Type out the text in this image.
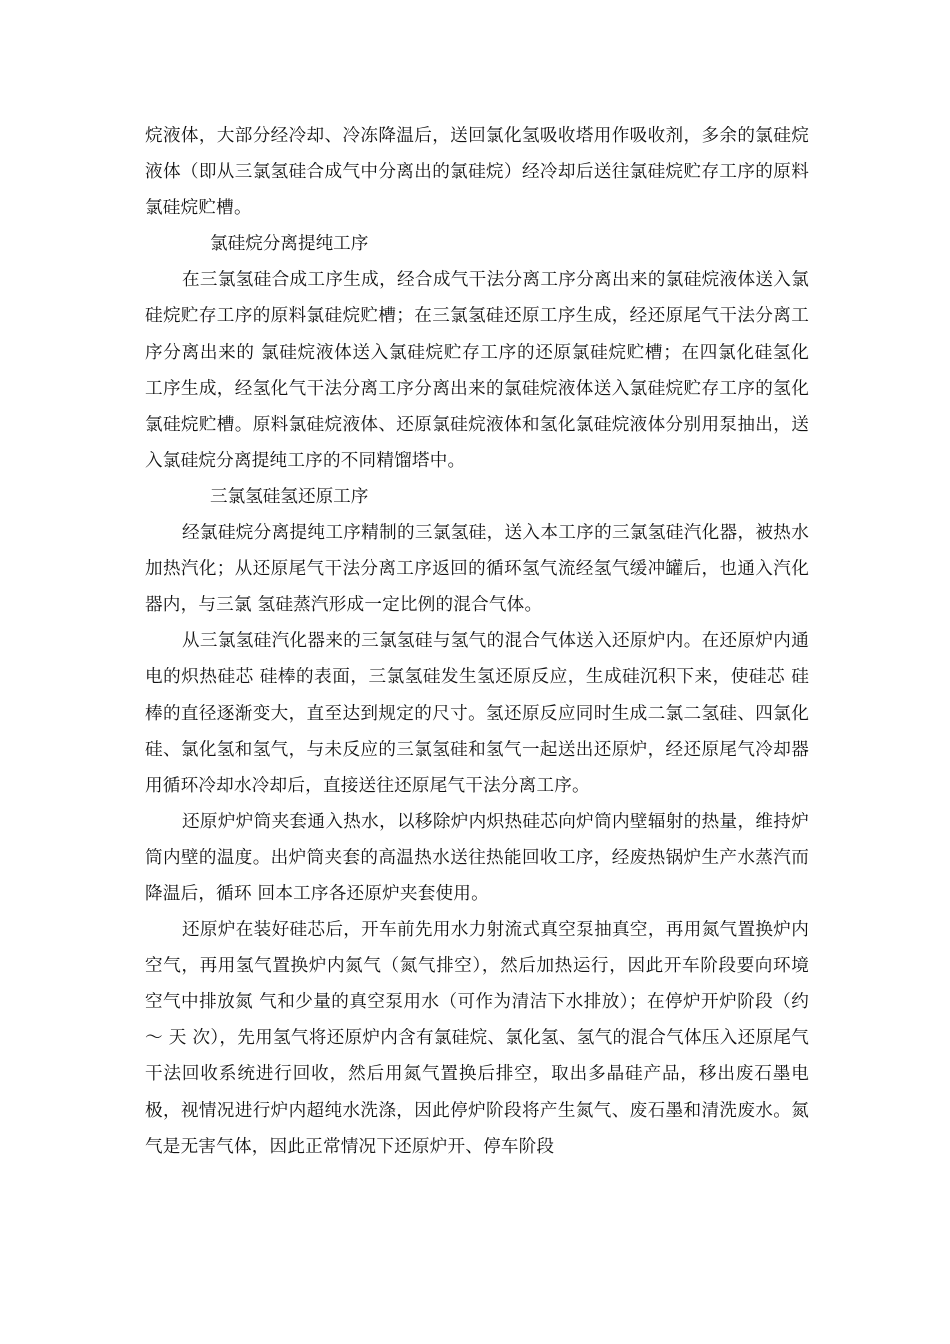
烷液体，大部分经冷却、冷冻降温后，送回氯化氢吸收塔用作吸收剂，多余的氯硅烷液体（即从三氯氢硅合成气中分离出的氯硅烷）经冷却后送往氯硅烷贮存工序的原料氯硅烷贮槽。

氯硅烷分离提纯工序

在三氯氢硅合成工序生成，经合成气干法分离工序分离出来的氯硅烷液体送入氯硅烷贮存工序的原料氯硅烷贮槽；在三氯氢硅还原工序生成，经还原尾气干法分离工序分离出来的 氯硅烷液体送入氯硅烷贮存工序的还原氯硅烷贮槽；在四氯化硅氢化工序生成，经氢化气干法分离工序分离出来的氯硅烷液体送入氯硅烷贮存工序的氢化氯硅烷贮槽。原料氯硅烷液体、还原氯硅烷液体和氢化氯硅烷液体分别用泵抽出，送入氯硅烷分离提纯工序的不同精馏塔中。

三氯氢硅氢还原工序

经氯硅烷分离提纯工序精制的三氯氢硅，送入本工序的三氯氢硅汽化器，被热水加热汽化；从还原尾气干法分离工序返回的循环氢气流经氢气缓冲罐后，也通入汽化器内，与三氯 氢硅蒸汽形成一定比例的混合气体。

从三氯氢硅汽化器来的三氯氢硅与氢气的混合气体送入还原炉内。在还原炉内通电的炽热硅芯 硅棒的表面，三氯氢硅发生氢还原反应，生成硅沉积下来，使硅芯 硅棒的直径逐渐变大，直至达到规定的尺寸。氢还原反应同时生成二氯二氢硅、四氯化硅、氯化氢和氢气，与未反应的三氯氢硅和氢气一起送出还原炉，经还原尾气冷却器用循环冷却水冷却后，直接送往还原尾气干法分离工序。

还原炉炉筒夹套通入热水，以移除炉内炽热硅芯向炉筒内壁辐射的热量，维持炉筒内壁的温度。出炉筒夹套的高温热水送往热能回收工序，经废热锅炉生产水蒸汽而降温后，循环 回本工序各还原炉夹套使用。

还原炉在装好硅芯后，开车前先用水力射流式真空泵抽真空，再用氮气置换炉内空气，再用氢气置换炉内氮气（氮气排空），然后加热运行，因此开车阶段要向环境空气中排放氮 气和少量的真空泵用水（可作为清洁下水排放）；在停炉开炉阶段（约 ～ 天 次），先用氢气将还原炉内含有氯硅烷、氯化氢、氢气的混合气体压入还原尾气干法回收系统进行回收，然后用氮气置换后排空，取出多晶硅产品，移出废石墨电极，视情况进行炉内超纯水洗涤，因此停炉阶段将产生氮气、废石墨和清洗废水。氮气是无害气体，因此正常情况下还原炉开、停车阶段
